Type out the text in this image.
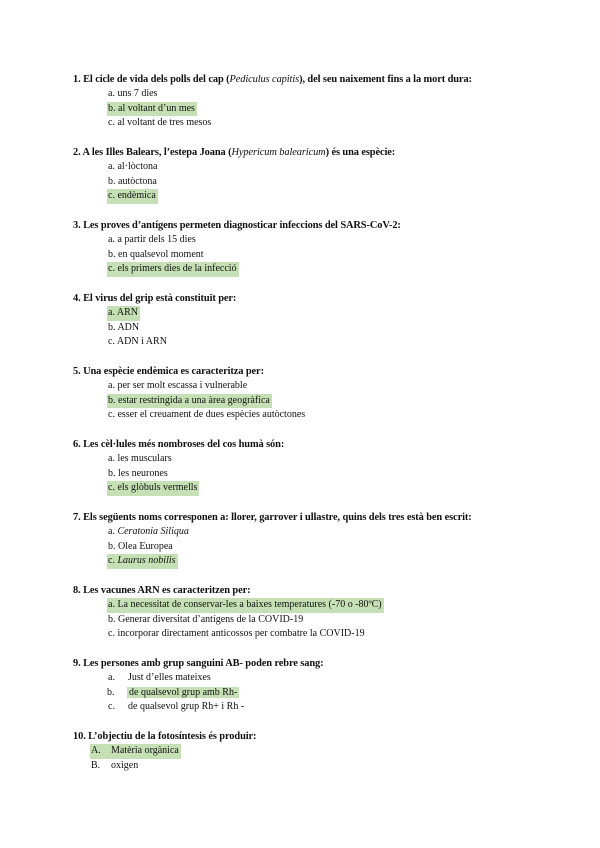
1. El cicle de vida dels polls del cap (Pediculus capitis), del seu naixement fins a la mort dura:
a. uns 7 dies
b. al voltant d’un mes
c. al voltant de tres mesos
2. A les Illes Balears, l’estepa Joana (Hypericum balearicum) és una espècie:
a. al·lòctona
b. autòctona
c. endèmica
3. Les proves d’antígens permeten diagnosticar infeccions del SARS-CoV-2:
a. a partir dels 15 dies
b. en qualsevol moment
c. els primers dies de la infecció
4. El virus del grip està constituït per:
a. ARN
b. ADN
c. ADN i ARN
5. Una espècie endèmica es caracteritza per:
a. per ser molt escassa i vulnerable
b. estar restringida a una àrea geogràfica
c. esser el creuament de dues espècies autòctones
6. Les cèl·lules més nombroses del cos humà són:
a. les musculars
b. les neurones
c. els glòbuls vermells
7. Els següents noms corresponen a: llorer, garrover i ullastre, quins dels tres està ben escrit:
a. Ceratonia Siliqua
b. Olea Europea
c. Laurus nobilis
8. Les vacunes ARN es caracteritzen per:
a. La necessitat de conservar-les a baixes temperatures (-70 o -80ºC)
b. Generar diversitat d’antígens de la COVID-19
c. incorporar directament anticossos per combatre la COVID-19
9. Les persones amb grup sanguini AB- poden rebre sang:
a. Just d’elles mateixes
b. de qualsevol grup amb Rh-
c. de qualsevol grup Rh+ i Rh -
10. L’objectiu de la fotosíntesis és produir:
A. Matèria orgànica
B. oxigen
